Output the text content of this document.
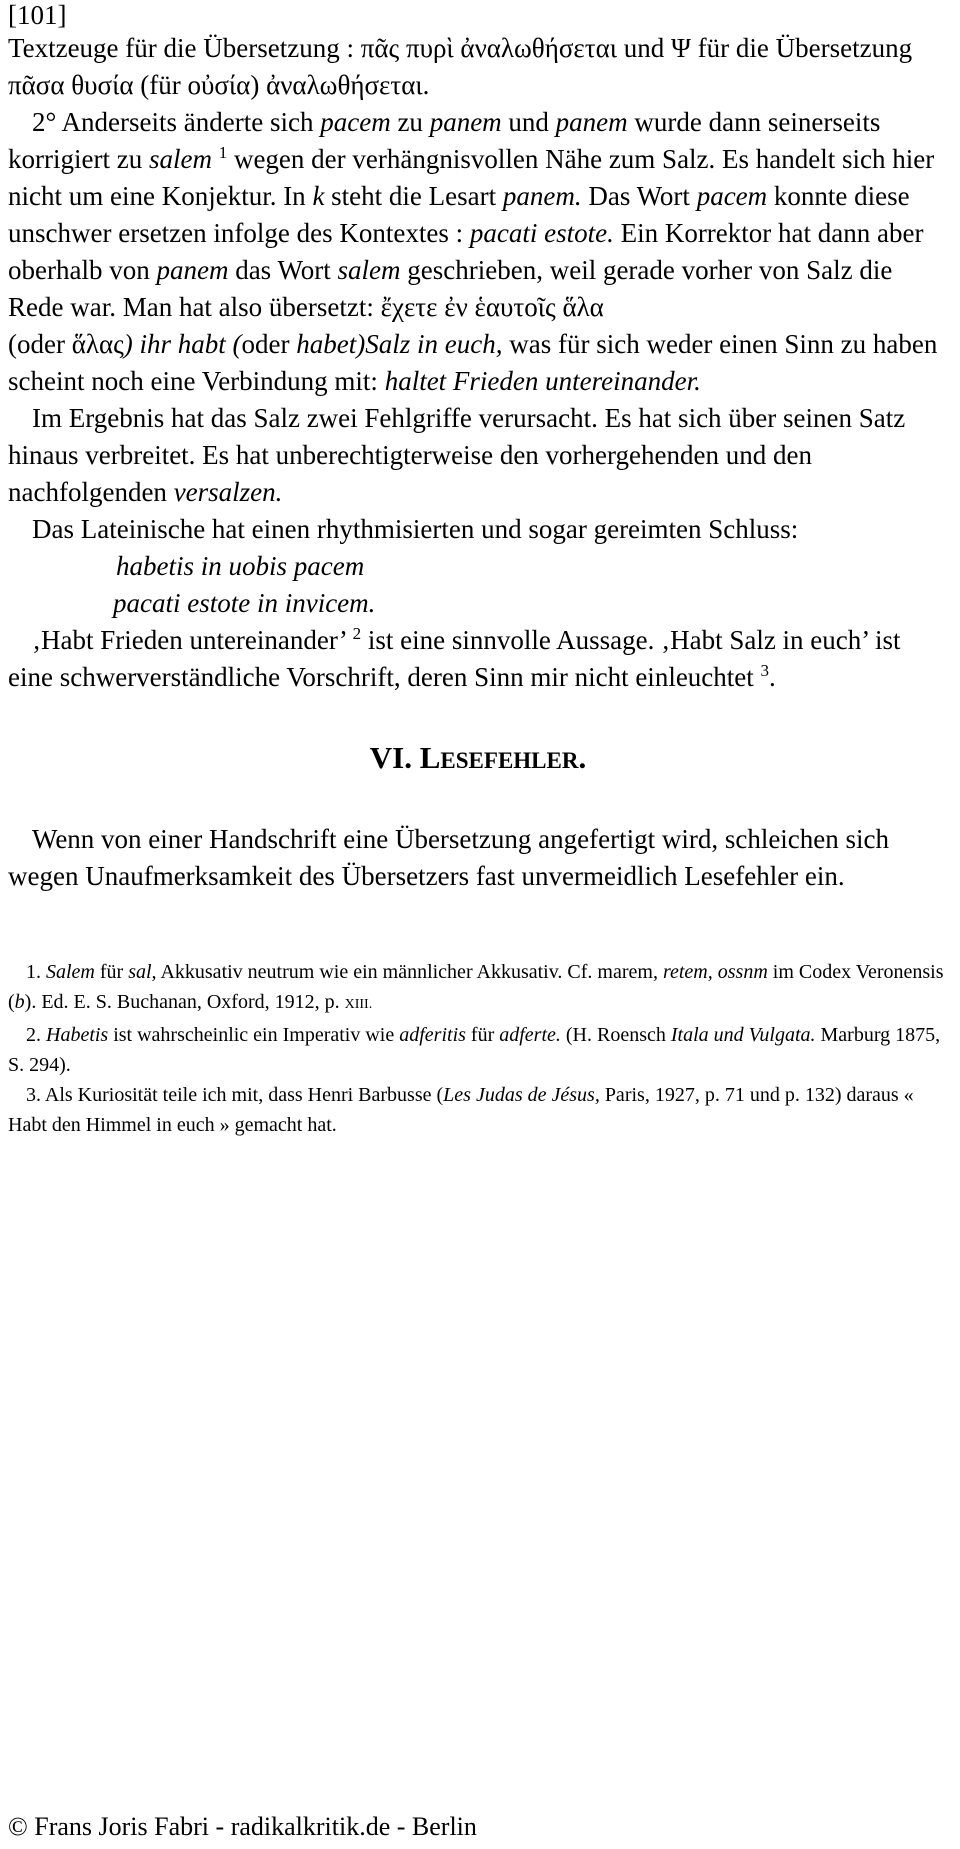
[101]

Textzeuge für die Übersetzung : πᾶς πυρὶ ἀναλωθήσεται und Ψ für die Übersetzung πᾶσα θυσία (für οὐσία) ἀναλωθήσεται.

2° Anderseits änderte sich pacem zu panem und panem wurde dann seinerseits korrigiert zu salem $^1$ wegen der verhängnisvollen Nähe zum Salz. Es handelt sich hier nicht um eine Konjektur. In k steht die Lesart panem. Das Wort pacem konnte diese unschwer ersetzen infolge des Kontextes : pacati estote. Ein Korrektor hat dann aber oberhalb von panem das Wort salem geschrieben, weil gerade vorher von Salz die Rede war. Man hat also übersetzt: ἔχετε ἐν ἑαυτοῖς ἅλα
(oder ἅλας) ihr habt (oder habet)Salz in euch, was für sich weder einen Sinn zu haben scheint noch eine Verbindung mit: haltet Frieden untereinander.

Im Ergebnis hat das Salz zwei Fehlgriffe verursacht. Es hat sich über seinen Satz hinaus verbreitet. Es hat unberechtigterweise den vorhergehenden und den nachfolgenden versalzen.

Das Lateinische hat einen rhythmisierten und sogar gereimten Schluss:

habetis in uobis pacem

pacati estote in invicem.

‚Habt Frieden untereinander’ $^2$ ist eine sinnvolle Aussage. ‚Habt Salz in euch’ ist eine schwerverständliche Vorschrift, deren Sinn mir nicht einleuchtet $^3$.

VI. LESEFEHLER.

Wenn von einer Handschrift eine Übersetzung angefertigt wird, schleichen sich wegen Unaufmerksamkeit des Übersetzers fast unvermeidlich Lesefehler ein.

1. Salem für sal, Akkusativ neutrum wie ein männlicher Akkusativ. Cf. marem, retem, ossnm im Codex Veronensis (b). Ed. E. S. Buchanan, Oxford, 1912, p. XIII.

2. Habetis ist wahrscheinlic ein Imperativ wie adferitis für adferte. (H. Roensch Itala und Vulgata. Marburg 1875, S. 294).

3. Als Kuriosität teile ich mit, dass Henri Barbusse (Les Judas de Jésus, Paris, 1927, p. 71 und p. 132) daraus « Habt den Himmel in euch » gemacht hat.

© Frans Joris Fabri - radikalkritik.de - Berlin
